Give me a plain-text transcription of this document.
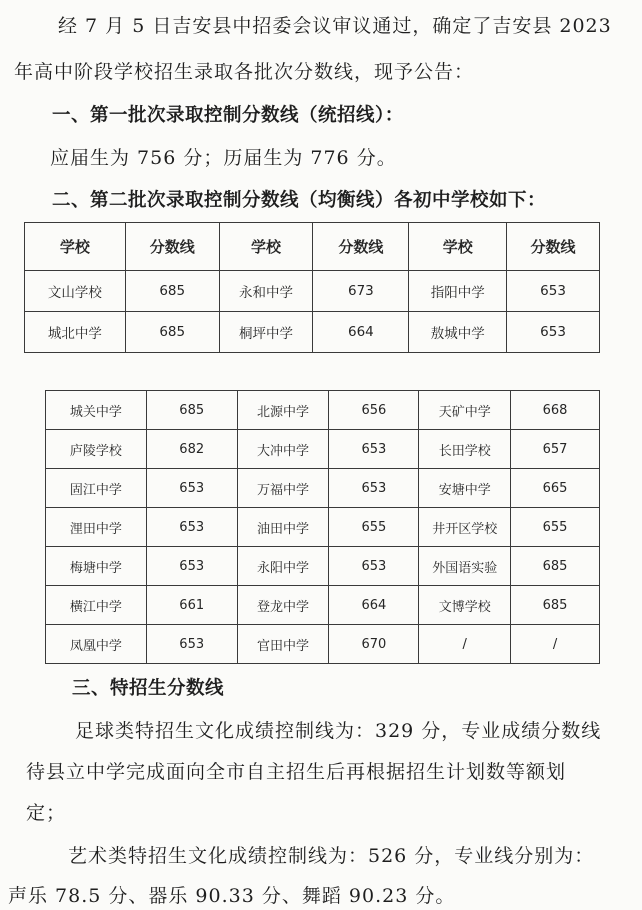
经 7 月 5 日吉安县中招委会议审议通过，确定了吉安县 2023
年高中阶段学校招生录取各批次分数线，现予公告：
一、第一批次录取控制分数线（统招线）：
应届生为 756 分；历届生为 776 分。
二、第二批次录取控制分数线（均衡线）各初中学校如下：
学校	分数线	学校	分数线	学校	分数线
文山学校	685	永和中学	673	指阳中学	653
城北中学	685	桐坪中学	664	敖城中学	653
城关中学	685	北源中学	656	天矿中学	668
庐陵学校	682	大冲中学	653	长田学校	657
固江中学	653	万福中学	653	安塘中学	665
浬田中学	653	油田中学	655	井开区学校	655
梅塘中学	653	永阳中学	653	外国语实验	685
横江中学	661	登龙中学	664	文博学校	685
凤凰中学	653	官田中学	670	/	/
三、特招生分数线
足球类特招生文化成绩控制线为：329 分，专业成绩分数线
待县立中学完成面向全市自主招生后再根据招生计划数等额划
定；
艺术类特招生文化成绩控制线为：526 分，专业线分别为：
声乐 78.5 分、器乐 90.33 分、舞蹈 90.23 分。
